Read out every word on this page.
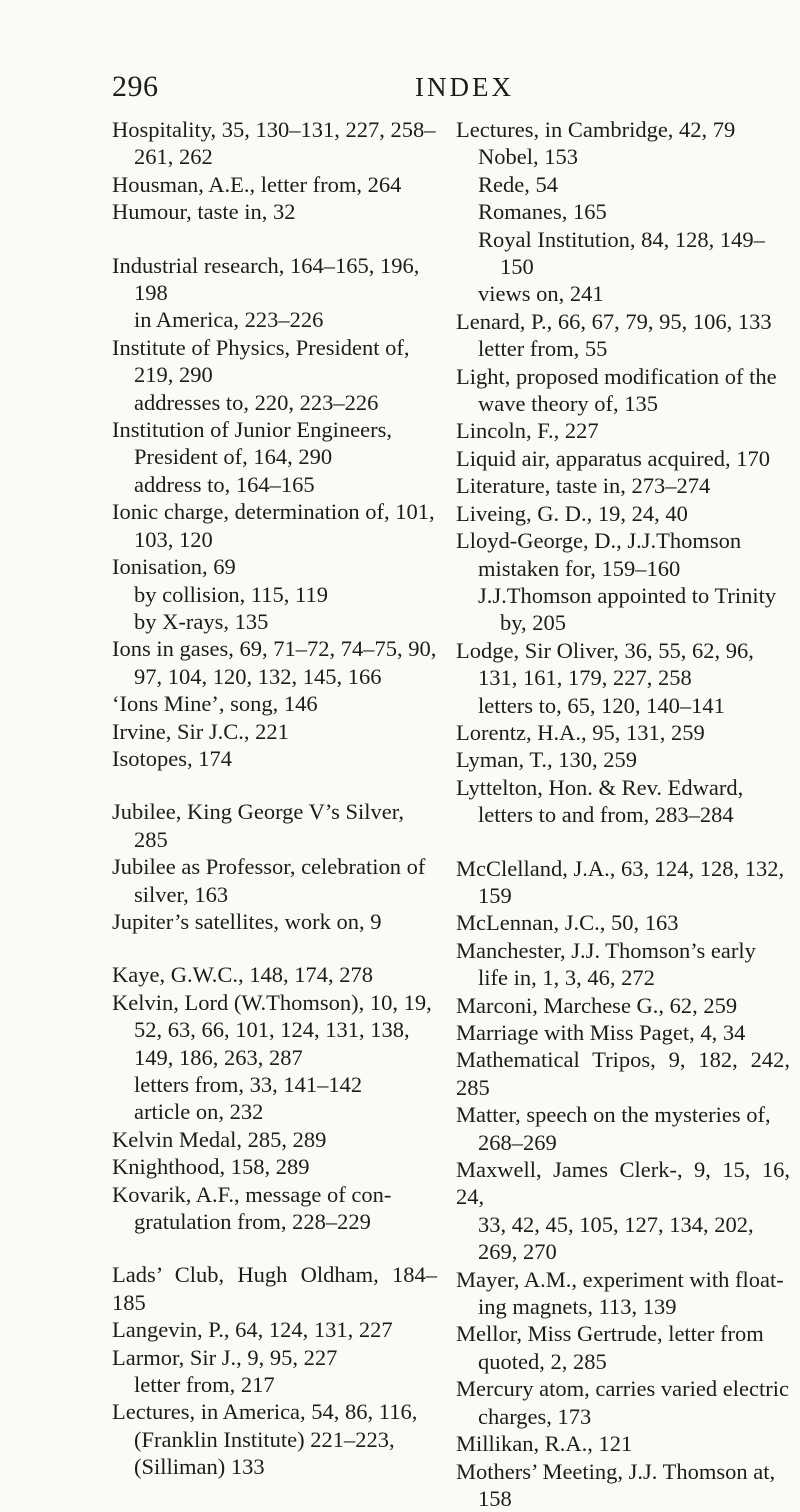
296	INDEX
Hospitality, 35, 130–131, 227, 258–
261, 262
Housman, A.E., letter from, 264
Humour, taste in, 32
Industrial research, 164–165, 196,
198
in America, 223–226
Institute of Physics, President of,
219, 290
addresses to, 220, 223–226
Institution of Junior Engineers,
President of, 164, 290
address to, 164–165
Ionic charge, determination of, 101,
103, 120
Ionisation, 69
by collision, 115, 119
by X-rays, 135
Ions in gases, 69, 71–72, 74–75, 90,
97, 104, 120, 132, 145, 166
‘Ions Mine’, song, 146
Irvine, Sir J.C., 221
Isotopes, 174
Jubilee, King George V’s Silver,
285
Jubilee as Professor, celebration of
silver, 163
Jupiter’s satellites, work on, 9
Kaye, G.W.C., 148, 174, 278
Kelvin, Lord (W.Thomson), 10, 19,
52, 63, 66, 101, 124, 131, 138,
149, 186, 263, 287
letters from, 33, 141–142
article on, 232
Kelvin Medal, 285, 289
Knighthood, 158, 289
Kovarik, A.F., message of con-
gratulation from, 228–229
Lads’ Club, Hugh Oldham, 184–185
Langevin, P., 64, 124, 131, 227
Larmor, Sir J., 9, 95, 227
letter from, 217
Lectures, in America, 54, 86, 116,
(Franklin Institute) 221–223,
(Silliman) 133
Lectures, in Cambridge, 42, 79
Nobel, 153
Rede, 54
Romanes, 165
Royal Institution, 84, 128, 149–
150
views on, 241
Lenard, P., 66, 67, 79, 95, 106, 133
letter from, 55
Light, proposed modification of the
wave theory of, 135
Lincoln, F., 227
Liquid air, apparatus acquired, 170
Literature, taste in, 273–274
Liveing, G. D., 19, 24, 40
Lloyd-George, D., J.J.Thomson
mistaken for, 159–160
J.J.Thomson appointed to Trinity
by, 205
Lodge, Sir Oliver, 36, 55, 62, 96,
131, 161, 179, 227, 258
letters to, 65, 120, 140–141
Lorentz, H.A., 95, 131, 259
Lyman, T., 130, 259
Lyttelton, Hon. & Rev. Edward,
letters to and from, 283–284
McClelland, J.A., 63, 124, 128, 132,
159
McLennan, J.C., 50, 163
Manchester, J.J. Thomson’s early
life in, 1, 3, 46, 272
Marconi, Marchese G., 62, 259
Marriage with Miss Paget, 4, 34
Mathematical Tripos, 9, 182, 242, 285
Matter, speech on the mysteries of,
268–269
Maxwell, James Clerk-, 9, 15, 16, 24,
33, 42, 45, 105, 127, 134, 202,
269, 270
Mayer, A.M., experiment with float-
ing magnets, 113, 139
Mellor, Miss Gertrude, letter from
quoted, 2, 285
Mercury atom, carries varied electric
charges, 173
Millikan, R.A., 121
Mothers’ Meeting, J.J. Thomson at,
158
